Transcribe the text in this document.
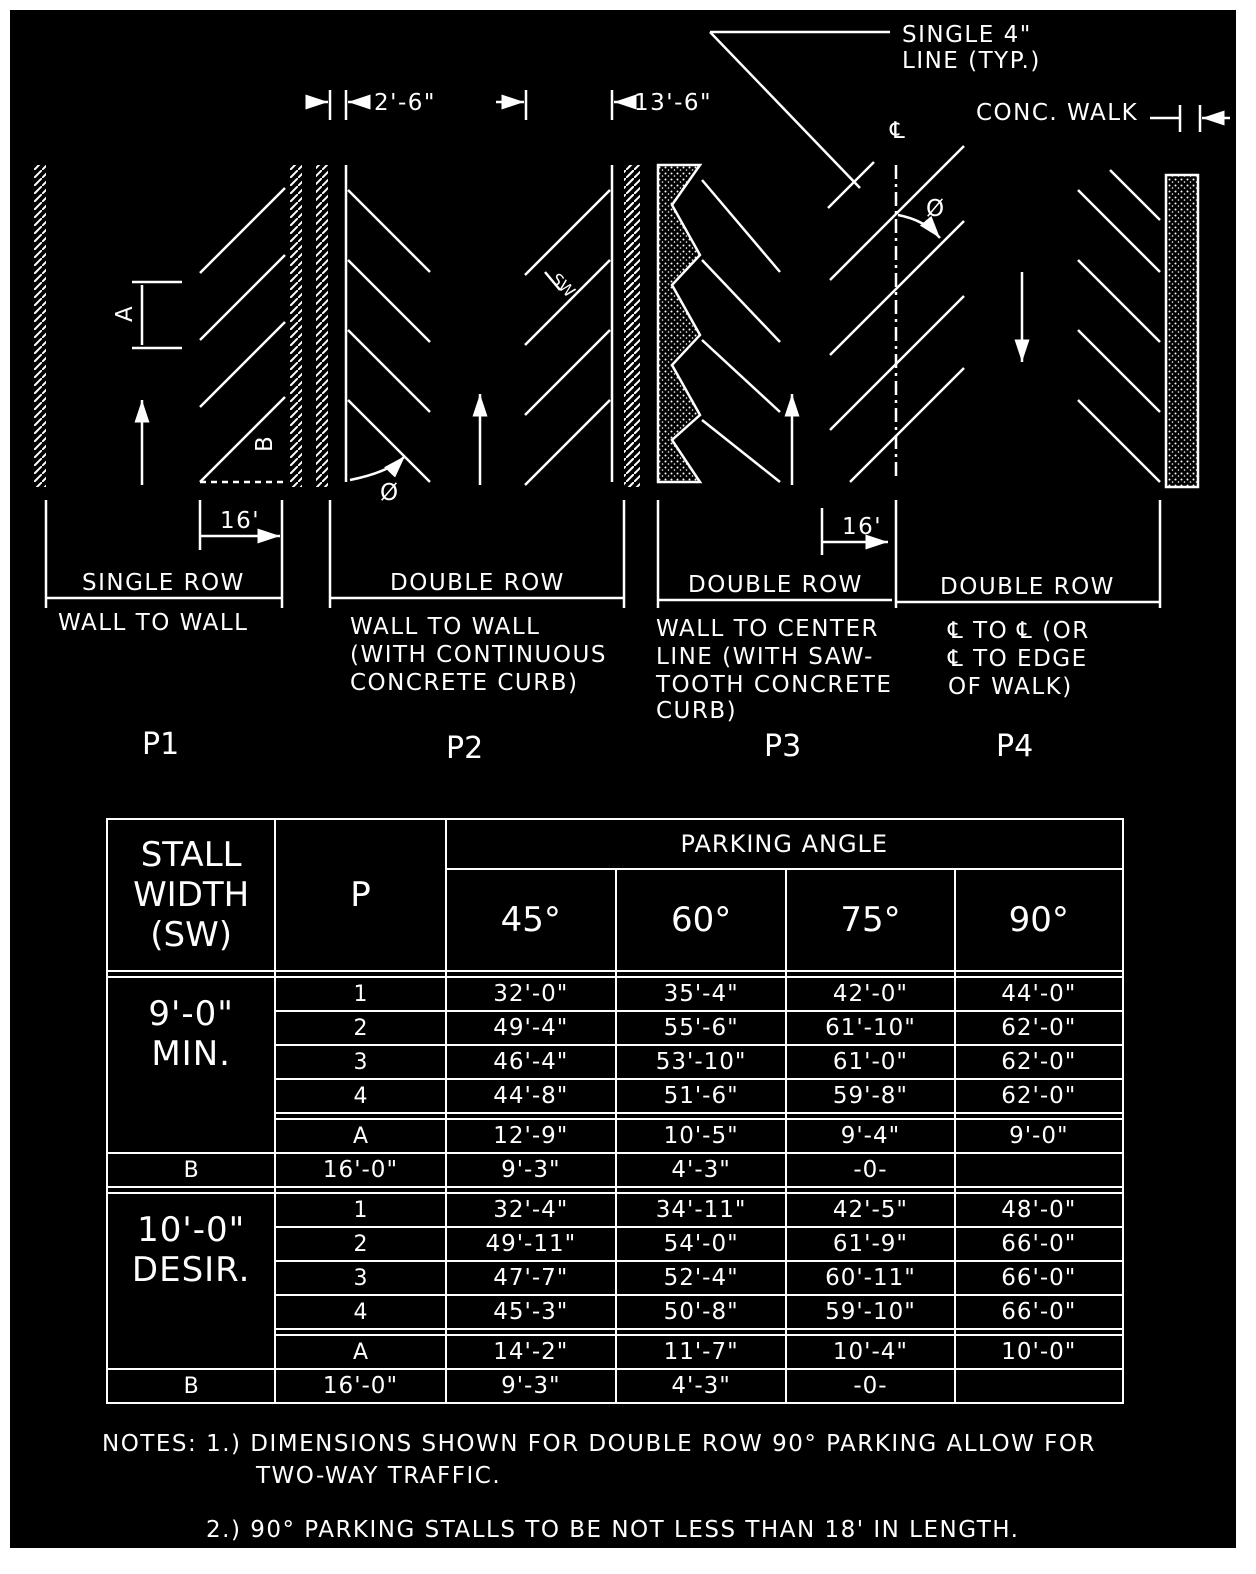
SINGLE 4"
LINE (TYP.)
2'-6"	13'-6"
℄
CONC. WALK
Ø
Ø
A
B
SW
16'	16'
SINGLE ROW
WALL TO WALL
P1
DOUBLE ROW
WALL TO WALL
(WITH CONTINUOUS
CONCRETE CURB)
P2
DOUBLE ROW
WALL TO CENTER
LINE (WITH SAW-
TOOTH CONCRETE
CURB)
P3
DOUBLE ROW
℄ TO ℄ (OR
℄ TO EDGE
OF WALK)
P4
STALL
WIDTH
(SW)	P	PARKING ANGLE			
		45°	60°	75°	90°

9'-0"
MIN.	1	32'-0"	35'-4"	42'-0"	44'-0"
	2	49'-4"	55'-6"	61'-10"	62'-0"
	3	46'-4"	53'-10"	61'-0"	62'-0"
	4	44'-8"	51'-6"	59'-8"	62'-0"

	A	12'-9"	10'-5"	9'-4"	9'-0"
B	16'-0"	9'-3"	4'-3"	-0-	

10'-0"
DESIR.	1	32'-4"	34'-11"	42'-5"	48'-0"
	2	49'-11"	54'-0"	61'-9"	66'-0"
	3	47'-7"	52'-4"	60'-11"	66'-0"
	4	45'-3"	50'-8"	59'-10"	66'-0"

	A	14'-2"	11'-7"	10'-4"	10'-0"
B	16'-0"	9'-3"	4'-3"	-0-	
NOTES: 1.) DIMENSIONS SHOWN FOR DOUBLE ROW 90° PARKING ALLOW FOR
TWO-WAY TRAFFIC.
2.) 90° PARKING STALLS TO BE NOT LESS THAN 18' IN LENGTH.
